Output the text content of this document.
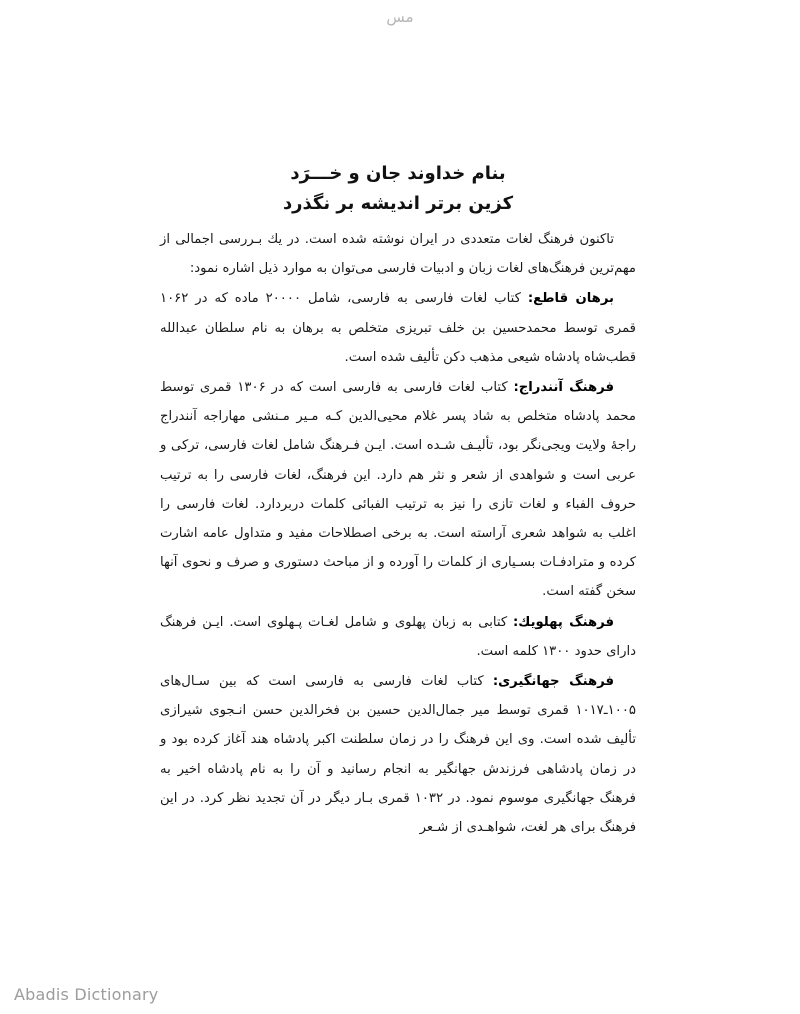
مس
بنام خداوند جان و خـــرَد
کزین برتر اندیشه بر نگذرد

تاکنون فرهنگ لغات متعددی در ایران نوشته شده است. در یك بـررسی اجمالی از مهم‌ترین فرهنگ‌های لغات زبان و ادبیات فارسی می‌توان به موارد ذیل اشاره نمود:

برهان قاطع: کتاب لغات فارسی به فارسی، شامل ۲۰۰۰۰ ماده که در ۱۰۶۲ قمری توسط محمدحسین بن خلف تبریزی متخلص به برهان به نام سلطان عبدالله قطب‌شاه پادشاه شیعی مذهب دکن تألیف شده است.

فرهنگ آنندراج: کتاب لغات فارسی به فارسی است که در ۱۳۰۶ قمری توسط محمد پادشاه متخلص به شاد پسر غلام محیی‌الدین کـه مـیر مـنشی مهاراجه آنندراج راجهٔ ولایت ویجی‌نگر بود، تألیـف شـده است. ایـن فـرهنگ شامل لغات فارسی، ترکی و عربی است و شواهدی از شعر و نثر هم دارد. این فرهنگ، لغات فارسی را به ترتیب حروف الفباء و لغات تازی را نیز به ترتیب الفبائی کلمات دربردارد. لغات فارسی را اغلب به شواهد شعری آراسته است. به برخی اصطلاحات مفید و متداول عامه اشارت کرده و مترادفـات بسـیاری از کلمات را آورده و از مباحث دستوری و صرف و نحوی آنها سخن گفته است.

فرهنگ پهلویك: کتابی به زبان پهلوی و شامل لغـات پـهلوی است. ایـن فرهنگ دارای حدود ۱۳۰۰ کلمه است.

فرهنگ جهانگیری: کتاب لغات فارسی به فارسی است که بین سـال‌های ۱۰۰۵ـ۱۰۱۷ قمری توسط میر جمال‌الدین حسین بن فخرالدین حسن انـجوی شیرازی تألیف شده است. وی این فرهنگ را در زمان سلطنت اکبر پادشاه هند آغاز کرده بود و در زمان پادشاهی فرزندش جهانگیر به انجام رسانید و آن را به نام پادشاه اخیر به فرهنگ جهانگیری موسوم نمود. در ۱۰۳۲ قمری بـار دیگر در آن تجدید نظر کرد. در این فرهنگ برای هر لغت، شواهـدی از شـعر

Abadis Dictionary
